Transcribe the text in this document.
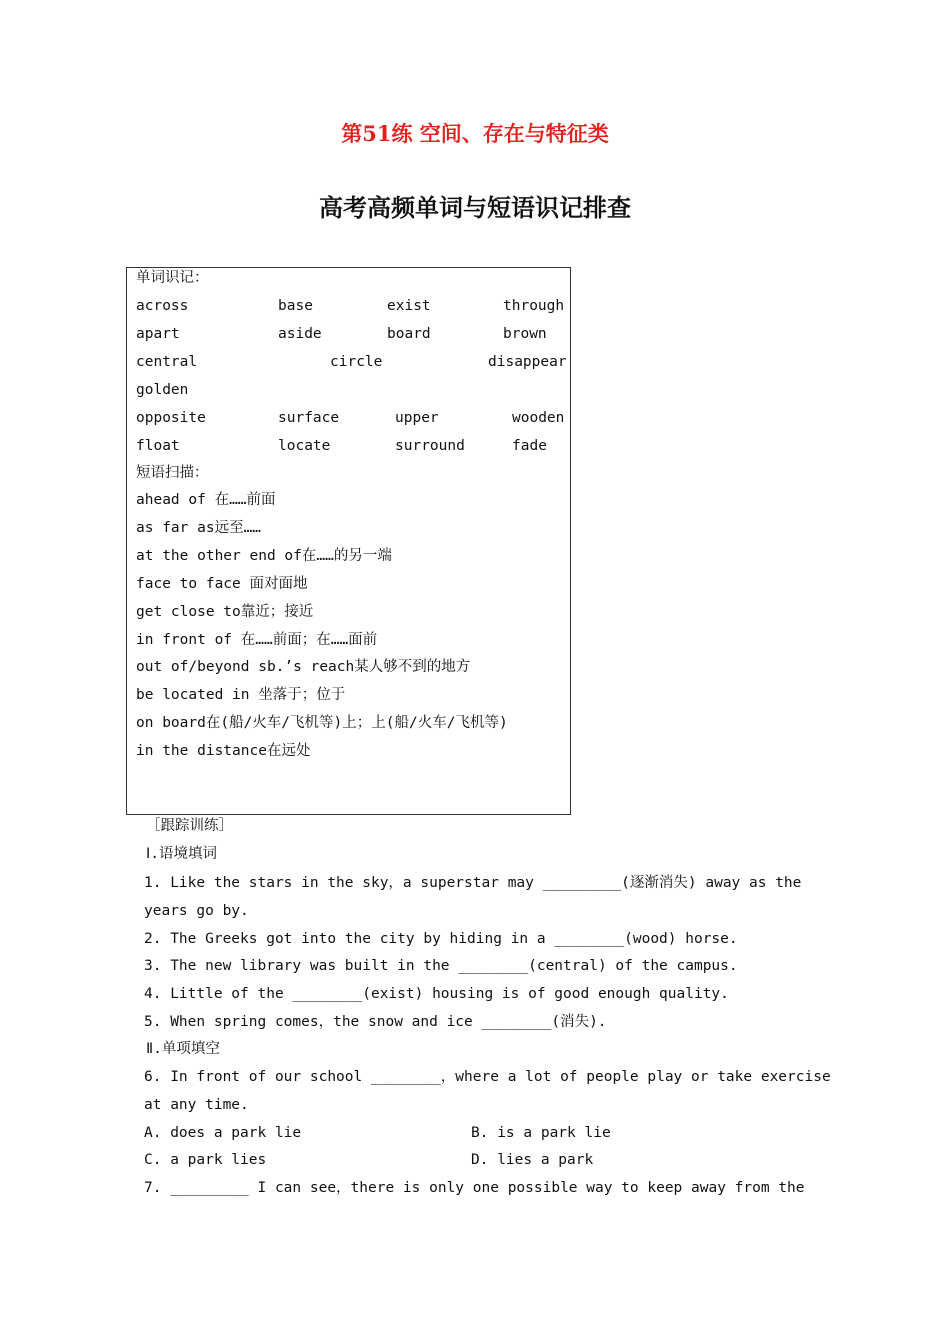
第51练 空间、存在与特征类
高考高频单词与短语识记排查
单词识记：
across	base	exist	through
apart	aside	board	brown
central	circle	disappear
golden
opposite	surface	upper	wooden
float	locate	surround	fade
短语扫描：
ahead of 在……前面
as far as远至……
at the other end of在……的另一端
face to face 面对面地
get close to靠近；接近
in front of 在……前面；在……面前
out of/beyond sb.’s reach某人够不到的地方
be located in 坐落于；位于
on board在(船/火车/飞机等)上；上(船/火车/飞机等)
in the distance在远处
［跟踪训练］
Ⅰ.语境填词
1. Like the stars in the sky，a superstar may _________(逐渐消失) away as the
years go by.
2. The Greeks got into the city by hiding in a ________(wood) horse.
3. The new library was built in the ________(central) of the campus.
4. Little of the ________(exist) housing is of good enough quality.
5. When spring comes，the snow and ice ________(消失).
Ⅱ.单项填空
6. In front of our school ________，where a lot of people play or take exercise
at any time.
A. does a park lie	B. is a park lie
C. a park lies	D. lies a park
7. _________ I can see，there is only one possible way to keep away from the
